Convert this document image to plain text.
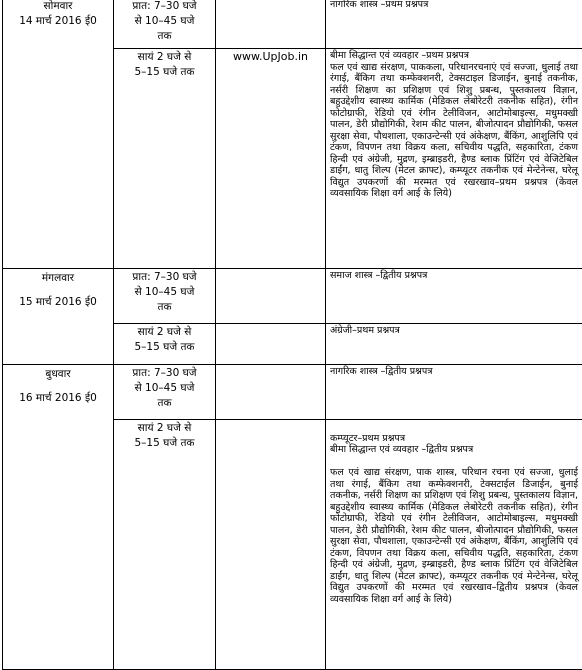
सोमवार
14 मार्च 2016 ई0	प्रात: 7–30 घजे
से 10–45 घजे
तक		नागरिक शास्त्र –प्रथम प्रश्नपत्र

	सायं 2 घजे से
5–15 घजे तक	www.UpJob.in	बीमा सिद्धान्त एवं व्यवहार –प्रथम प्रश्नपत्र
फल एवं खाद्य संरक्षण, पाककला, परिधानरचनाएं एवं सज्जा, धुलाई तथा रंगाई, बैंकिग तथा कम्फेक्शनरी, टेक्सटाइल डिजाईन, बुनाई तकनीक, नर्सरी शिक्षण का प्रशिक्षण एवं शिशु प्रबन्ध, पुस्तकालय विज्ञान, बहुउद्देशीय स्वास्थ्य कार्मिक (मेडिकल लेबोरेटरी तकनीक सहित), रंगीन फोटोग्राफी, रेडियो एवं रंगीन टेलीविजन, आटोमोबाइल्स, मधुमक्खी पालन, डेरी प्रौद्योगिकी, रेशम कीट पालन, बीजोत्पादन प्रौद्योगिकी, फसल सुरक्षा सेवा, पौधशाला, एकाउन्टेन्सी एवं अंकेक्षण, बैंकिंग, आशुलिपि एवं टंकण, विपणन तथा विक्रय कला, सचिवीय पद्धति, सहकारिता, टंकण हिन्दी एवं अंग्रेजी, मुद्रण, इम्ब्राइडरी, हैण्ड ब्लाक प्रिंटिंग एवं वेजिटेबिल डाईंग, धातु शिल्प (मेटल क्राफ्ट), कम्प्यूटर तकनीक एवं मेन्टेनेन्स, घरेलू विद्युत उपकरणों की मरम्मत एवं रखरखाव–प्रथम प्रश्नपत्र (केवल व्यवसायिक शिक्षा वर्ग आई के लिये)

मंगलवार
15 मार्च 2016 ई0	प्रात: 7–30 घजे
से 10–45 घजे
तक		समाज शास्त्र –द्वितीय प्रश्नपत्र

	सायं 2 घजे से
5–15 घजे तक		अंग्रेजी–प्रथम प्रश्नपत्र

बुधवार
16 मार्च 2016 ई0	प्रात: 7–30 घजे
से 10–45 घजे
तक		नागरिक शास्त्र –द्वितीय प्रश्नपत्र

	सायं 2 घजे से
5–15 घजे तक		कम्प्यूटर–प्रथम प्रश्नपत्र
बीमा सिद्धान्त एवं व्यवहार –द्वितीय प्रश्नपत्र

फल एवं खाद्य संरक्षण, पाक शास्त्र, परिधान रचना एवं सज्जा, धुलाई तथा रंगाई, बैंकिग तथा कम्फेक्शनरी, टेक्सटाईल डिजाईन, बुनाई तकनीक, नर्सरी शिक्षण का प्रशिक्षण एवं शिशु प्रबन्ध, पुस्तकालय विज्ञान, बहुउद्देशीय स्वास्थ्य कार्मिक (मेडिकल लेबोरेटरी तकनीक सहित), रंगीन फोटोग्राफी, रेडियो एवं रंगीन टेलीविजन, आटोमोबाइल्स, मधुमक्खी पालन, डेरी प्रौद्योगिकी, रेशम कीट पालन, बीजोत्पादन प्रौद्योगिकी, फसल सुरक्षा सेवा, पौधशाला, एकाउन्टेन्सी एवं अंकेक्षण, बैंकिंग, आशुलिपि एवं टंकण, विपणन तथा विक्रय कला, सचिवीय पद्धति, सहकारिता, टंकण हिन्दी एवं अंग्रेजी, मुद्रण, इम्ब्राइडरी, हैण्ड ब्लाक प्रिंटिंग एवं वेजिटेबिल डाईंग, धातु शिल्प (मेटल क्राफ्ट), कम्प्यूटर तकनीक एवं मेन्टेनेन्स, घरेलू विद्युत उपकरणों की मरम्मत एवं रखरखाव–द्वितीय प्रश्नपत्र (केवल व्यवसायिक शिक्षा वर्ग आई के लिये)
